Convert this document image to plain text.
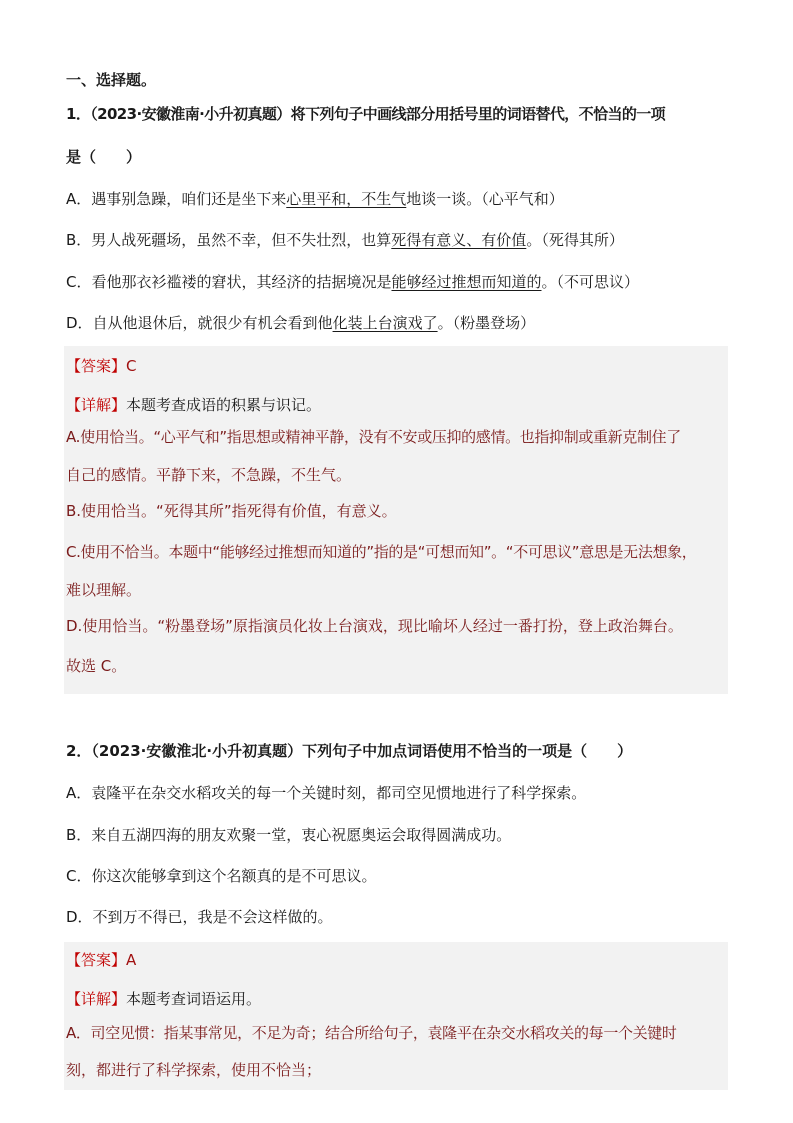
一、选择题。
1．（2023·安徽淮南·小升初真题）将下列句子中画线部分用括号里的词语替代，不恰当的一项
是（　　）
A．遇事别急躁，咱们还是坐下来心里平和，不生气地谈一谈。（心平气和）
B．男人战死疆场，虽然不幸，但不失壮烈，也算死得有意义、有价值。（死得其所）
C．看他那衣衫褴褛的窘状，其经济的拮据境况是能够经过推想而知道的。（不可思议）
D．自从他退休后，就很少有机会看到他化装上台演戏了。（粉墨登场）
【答案】C
【详解】本题考查成语的积累与识记。
A.使用恰当。“心平气和”指思想或精神平静，没有不安或压抑的感情。也指抑制或重新克制住了
自己的感情。平静下来，不急躁，不生气。
B.使用恰当。“死得其所”指死得有价值，有意义。
C.使用不恰当。本题中“能够经过推想而知道的”指的是“可想而知”。“不可思议”意思是无法想象，
难以理解。
D.使用恰当。“粉墨登场”原指演员化妆上台演戏，现比喻坏人经过一番打扮，登上政治舞台。
故选 C。
2．（2023·安徽淮北·小升初真题）下列句子中加点词语使用不恰当的一项是（　　）
A．袁隆平在杂交水稻攻关的每一个关键时刻，都司空见惯地进行了科学探索。
B．来自五湖四海的朋友欢聚一堂，衷心祝愿奥运会取得圆满成功。
C．你这次能够拿到这个名额真的是不可思议。
D．不到万不得已，我是不会这样做的。
【答案】A
【详解】本题考查词语运用。
A．司空见惯：指某事常见，不足为奇；结合所给句子，袁隆平在杂交水稻攻关的每一个关键时
刻，都进行了科学探索，使用不恰当；
